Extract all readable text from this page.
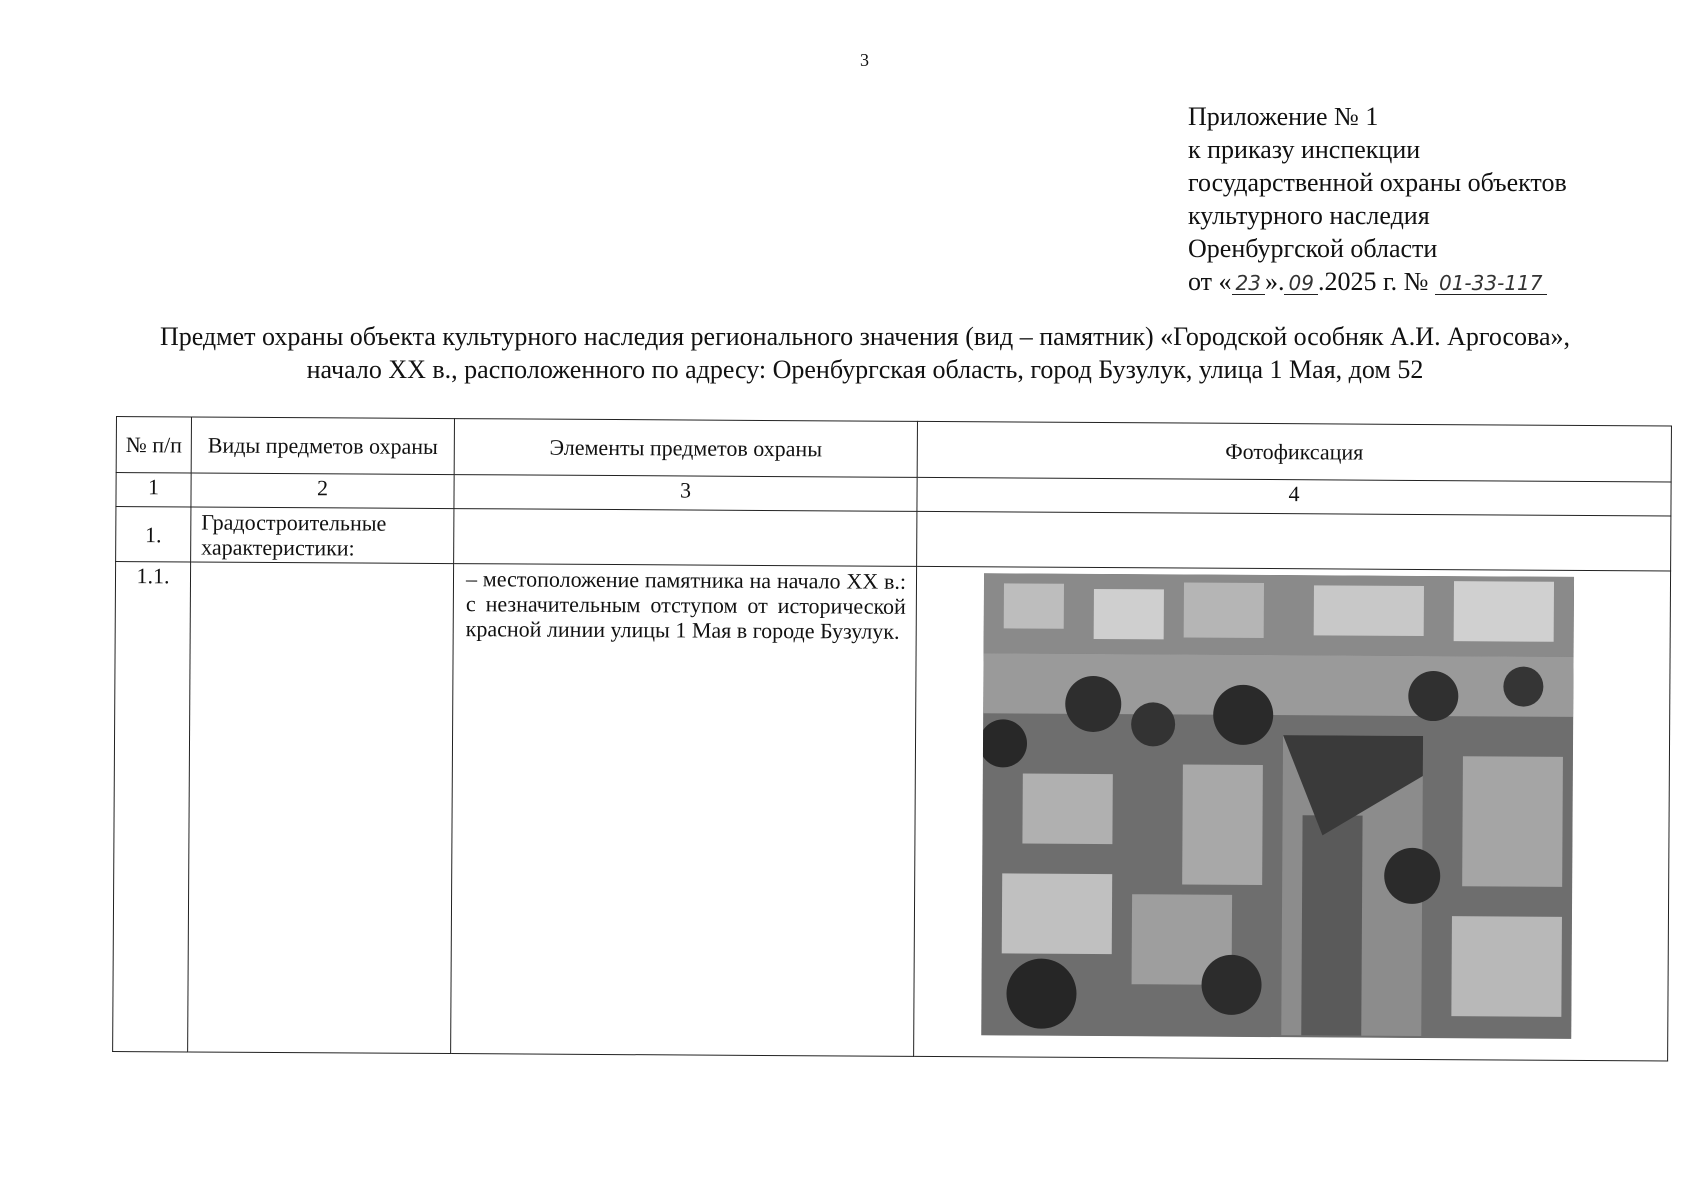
3
Приложение № 1
к приказу инспекции
государственной охраны объектов
культурного наследия
Оренбургской области
от « 23 ». 09 .2025 г. № 01-33-117
Предмет охраны объекта культурного наследия регионального значения (вид – памятник) «Городской особняк А.И. Аргосова»,
начало XX в., расположенного по адресу: Оренбургская область, город Бузулук, улица 1 Мая, дом 52
№ п/п	Виды предметов охраны	Элементы предметов охраны	Фотофиксация
1	2	3	4
1.	Градостроительные характеристики:		
1.1.		– местоположение памятника на начало XX в.: с незначительным отступом от исторической красной линии улицы 1 Мая в городе Бузулук.	
